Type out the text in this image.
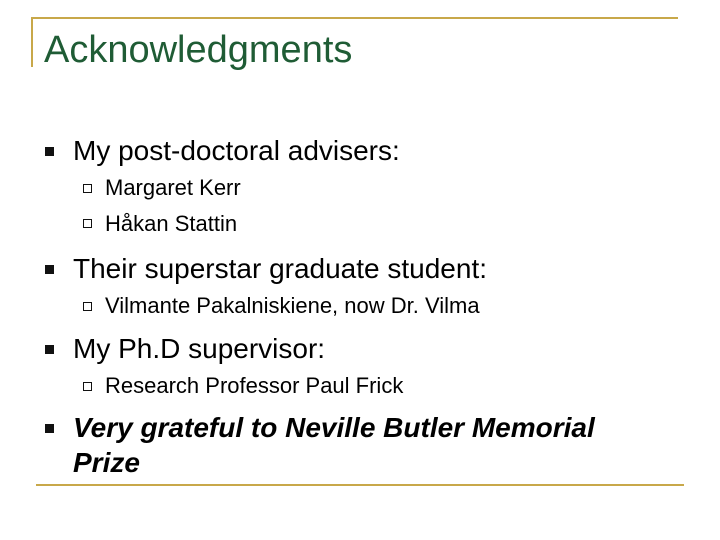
Acknowledgments
My post-doctoral advisers:
Margaret Kerr
Håkan Stattin
Their superstar graduate student:
Vilmante Pakalniskiene, now Dr. Vilma
My Ph.D supervisor:
Research Professor Paul Frick
Very grateful to Neville Butler Memorial
Prize
